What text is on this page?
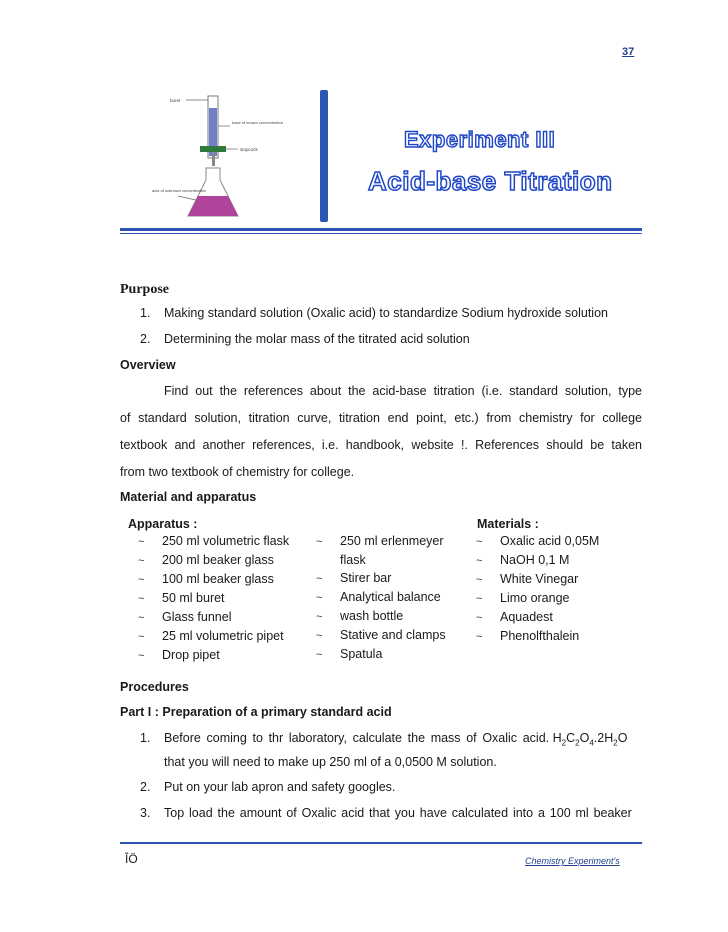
37
buret
base of known concentration
stopcock
acid of unknown concentration
Experiment III
Acid-base Titration
Purpose
1. Making standard solution (Oxalic acid) to standardize Sodium hydroxide solution
2. Determining the molar mass of the titrated acid solution
Overview
Find out the references about the acid-base titration (i.e. standard solution, type
of standard solution, titration curve, titration end point, etc.) from chemistry for college
textbook and another references, i.e. handbook, website !. References should be taken
from two textbook of chemistry for college.
Material and apparatus
Apparatus :
~ 250 ml volumetric flask
~ 200 ml beaker glass
~ 100 ml beaker glass
~ 50 ml buret
~ Glass funnel
~ 25 ml volumetric pipet
~ Drop pipet
~ 250 ml erlenmeyer
flask
~ Stirer bar
~ Analytical balance
~ wash bottle
~ Stative and clamps
~ Spatula
Materials :
~ Oxalic acid 0,05M
~ NaOH 0,1 M
~ White Vinegar
~ Limo orange
~ Aquadest
~ Phenolfthalein
Procedures
Part I : Preparation of a primary standard acid
1. Before coming to thr laboratory, calculate the mass of Oxalic acid. $H_2C_2O_4.2H_2O$
that you will need to make up 250 ml of a 0,0500 M solution.
2. Put on your lab apron and safety googles.
3. Top load the amount of Oxalic acid that you have calculated into a 100 ml beaker
ÎÖ	Chemistry Experiment's
